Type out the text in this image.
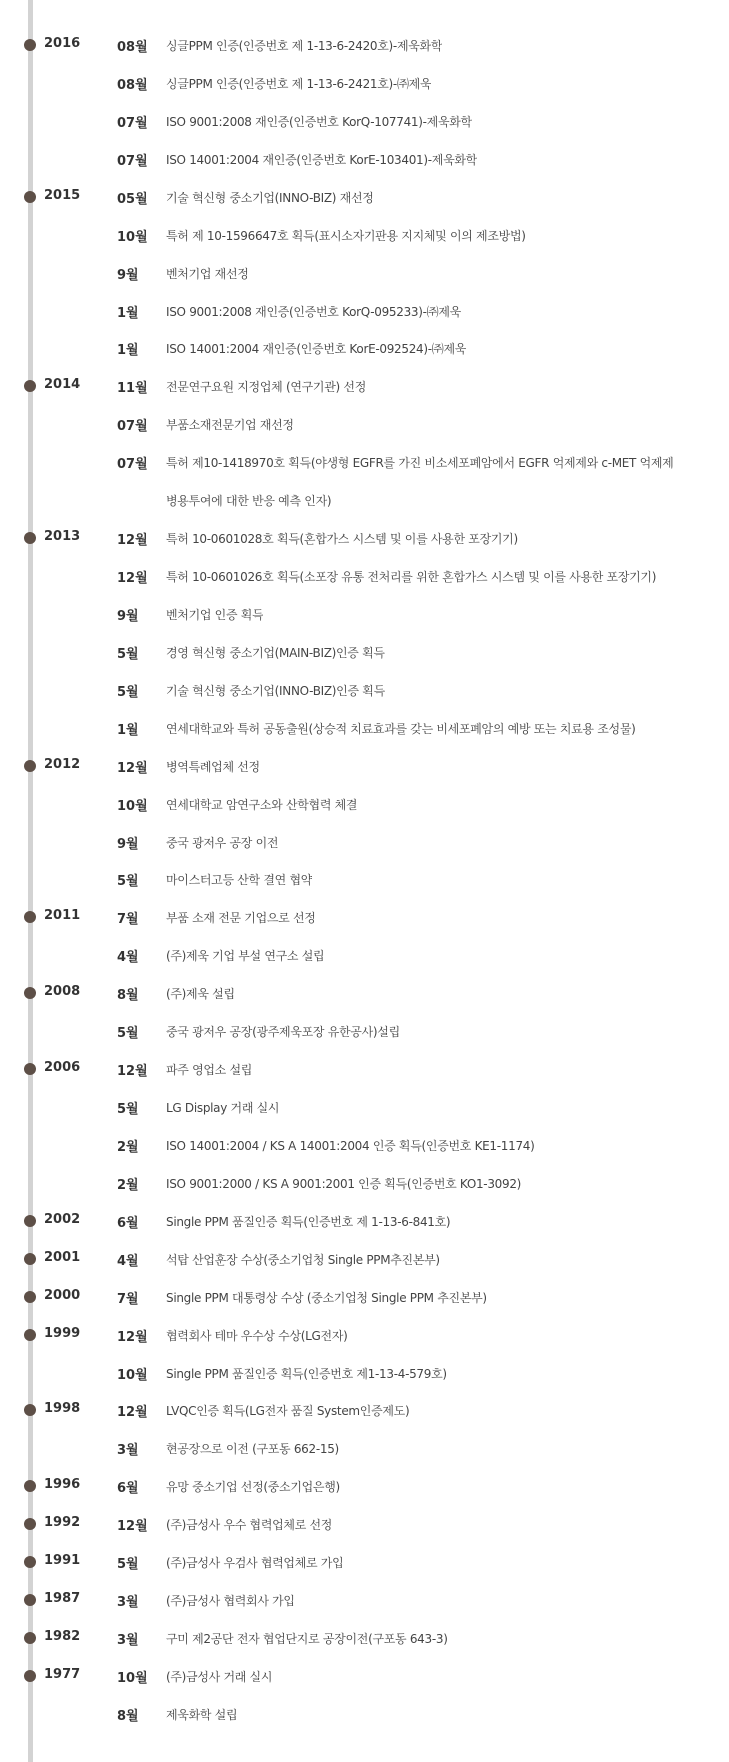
2016	08월 싱글PPM 인증(인증번호 제 1-13-6-2420호)-제욱화학
08월 싱글PPM 인증(인증번호 제 1-13-6-2421호)-㈜제욱
07월 ISO 9001:2008 재인증(인증번호 KorQ-107741)-제욱화학
07월 ISO 14001:2004 재인증(인증번호 KorE-103401)-제욱화학
2015	05월 기술 혁신형 중소기업(INNO-BIZ) 재선정
10월 특허 제 10-1596647호 획득(표시소자기판용 지지체및 이의 제조방법)
9월 벤처기업 재선정
1월 ISO 9001:2008 재인증(인증번호 KorQ-095233)-㈜제욱
1월 ISO 14001:2004 재인증(인증번호 KorE-092524)-㈜제욱
2014	11월 전문연구요원 지정업체 (연구기관) 선정
07월 부품소재전문기업 재선정
07월 특허 제10-1418970호 획득(야생형 EGFR를 가진 비소세포폐암에서 EGFR 억제제와 c-MET 억제제
병용투여에 대한 반응 예측 인자)
2013	12월 특허 10-0601028호 획득(혼합가스 시스템 및 이를 사용한 포장기기)
12월 특허 10-0601026호 획득(소포장 유통 전처리를 위한 혼합가스 시스템 및 이를 사용한 포장기기)
9월 벤처기업 인증 획득
5월 경영 혁신형 중소기업(MAIN-BIZ)인증 획득
5월 기술 혁신형 중소기업(INNO-BIZ)인증 획득
1월 연세대학교와 특허 공동출원(상승적 치료효과를 갖는 비세포폐암의 예방 또는 치료용 조성물)
2012	12월 병역특례업체 선정
10월 연세대학교 암연구소와 산학협력 체결
9월 중국 광저우 공장 이전
5월 마이스터고등 산학 결연 협약
2011	7월 부품 소재 전문 기업으로 선정
4월 (주)제욱 기업 부설 연구소 설립
2008	8월 (주)제욱 설립
5월 중국 광저우 공장(광주제욱포장 유한공사)설립
2006	12월 파주 영업소 설립
5월 LG Display 거래 실시
2월 ISO 14001:2004 / KS A 14001:2004 인증 획득(인증번호 KE1-1174)
2월 ISO 9001:2000 / KS A 9001:2001 인증 획득(인증번호 KO1-3092)
2002	6월 Single PPM 품질인증 획득(인증번호 제 1-13-6-841호)
2001	4월 석탑 산업훈장 수상(중소기업청 Single PPM추진본부)
2000	7월 Single PPM 대통령상 수상 (중소기업청 Single PPM 추진본부)
1999	12월 협력회사 테마 우수상 수상(LG전자)
10월 Single PPM 품질인증 획득(인증번호 제1-13-4-579호)
1998	12월 LVQC인증 획득(LG전자 품질 System인증제도)
3월 현공장으로 이전 (구포동 662-15)
1996	6월 유망 중소기업 선정(중소기업은행)
1992	12월 (주)금성사 우수 협력업체로 선정
1991	5월 (주)금성사 우검사 협력업체로 가입
1987	3월 (주)금성사 협력회사 가입
1982	3월 구미 제2공단 전자 협업단지로 공장이전(구포동 643-3)
1977	10월 (주)금성사 거래 실시
8월 제욱화학 설립
